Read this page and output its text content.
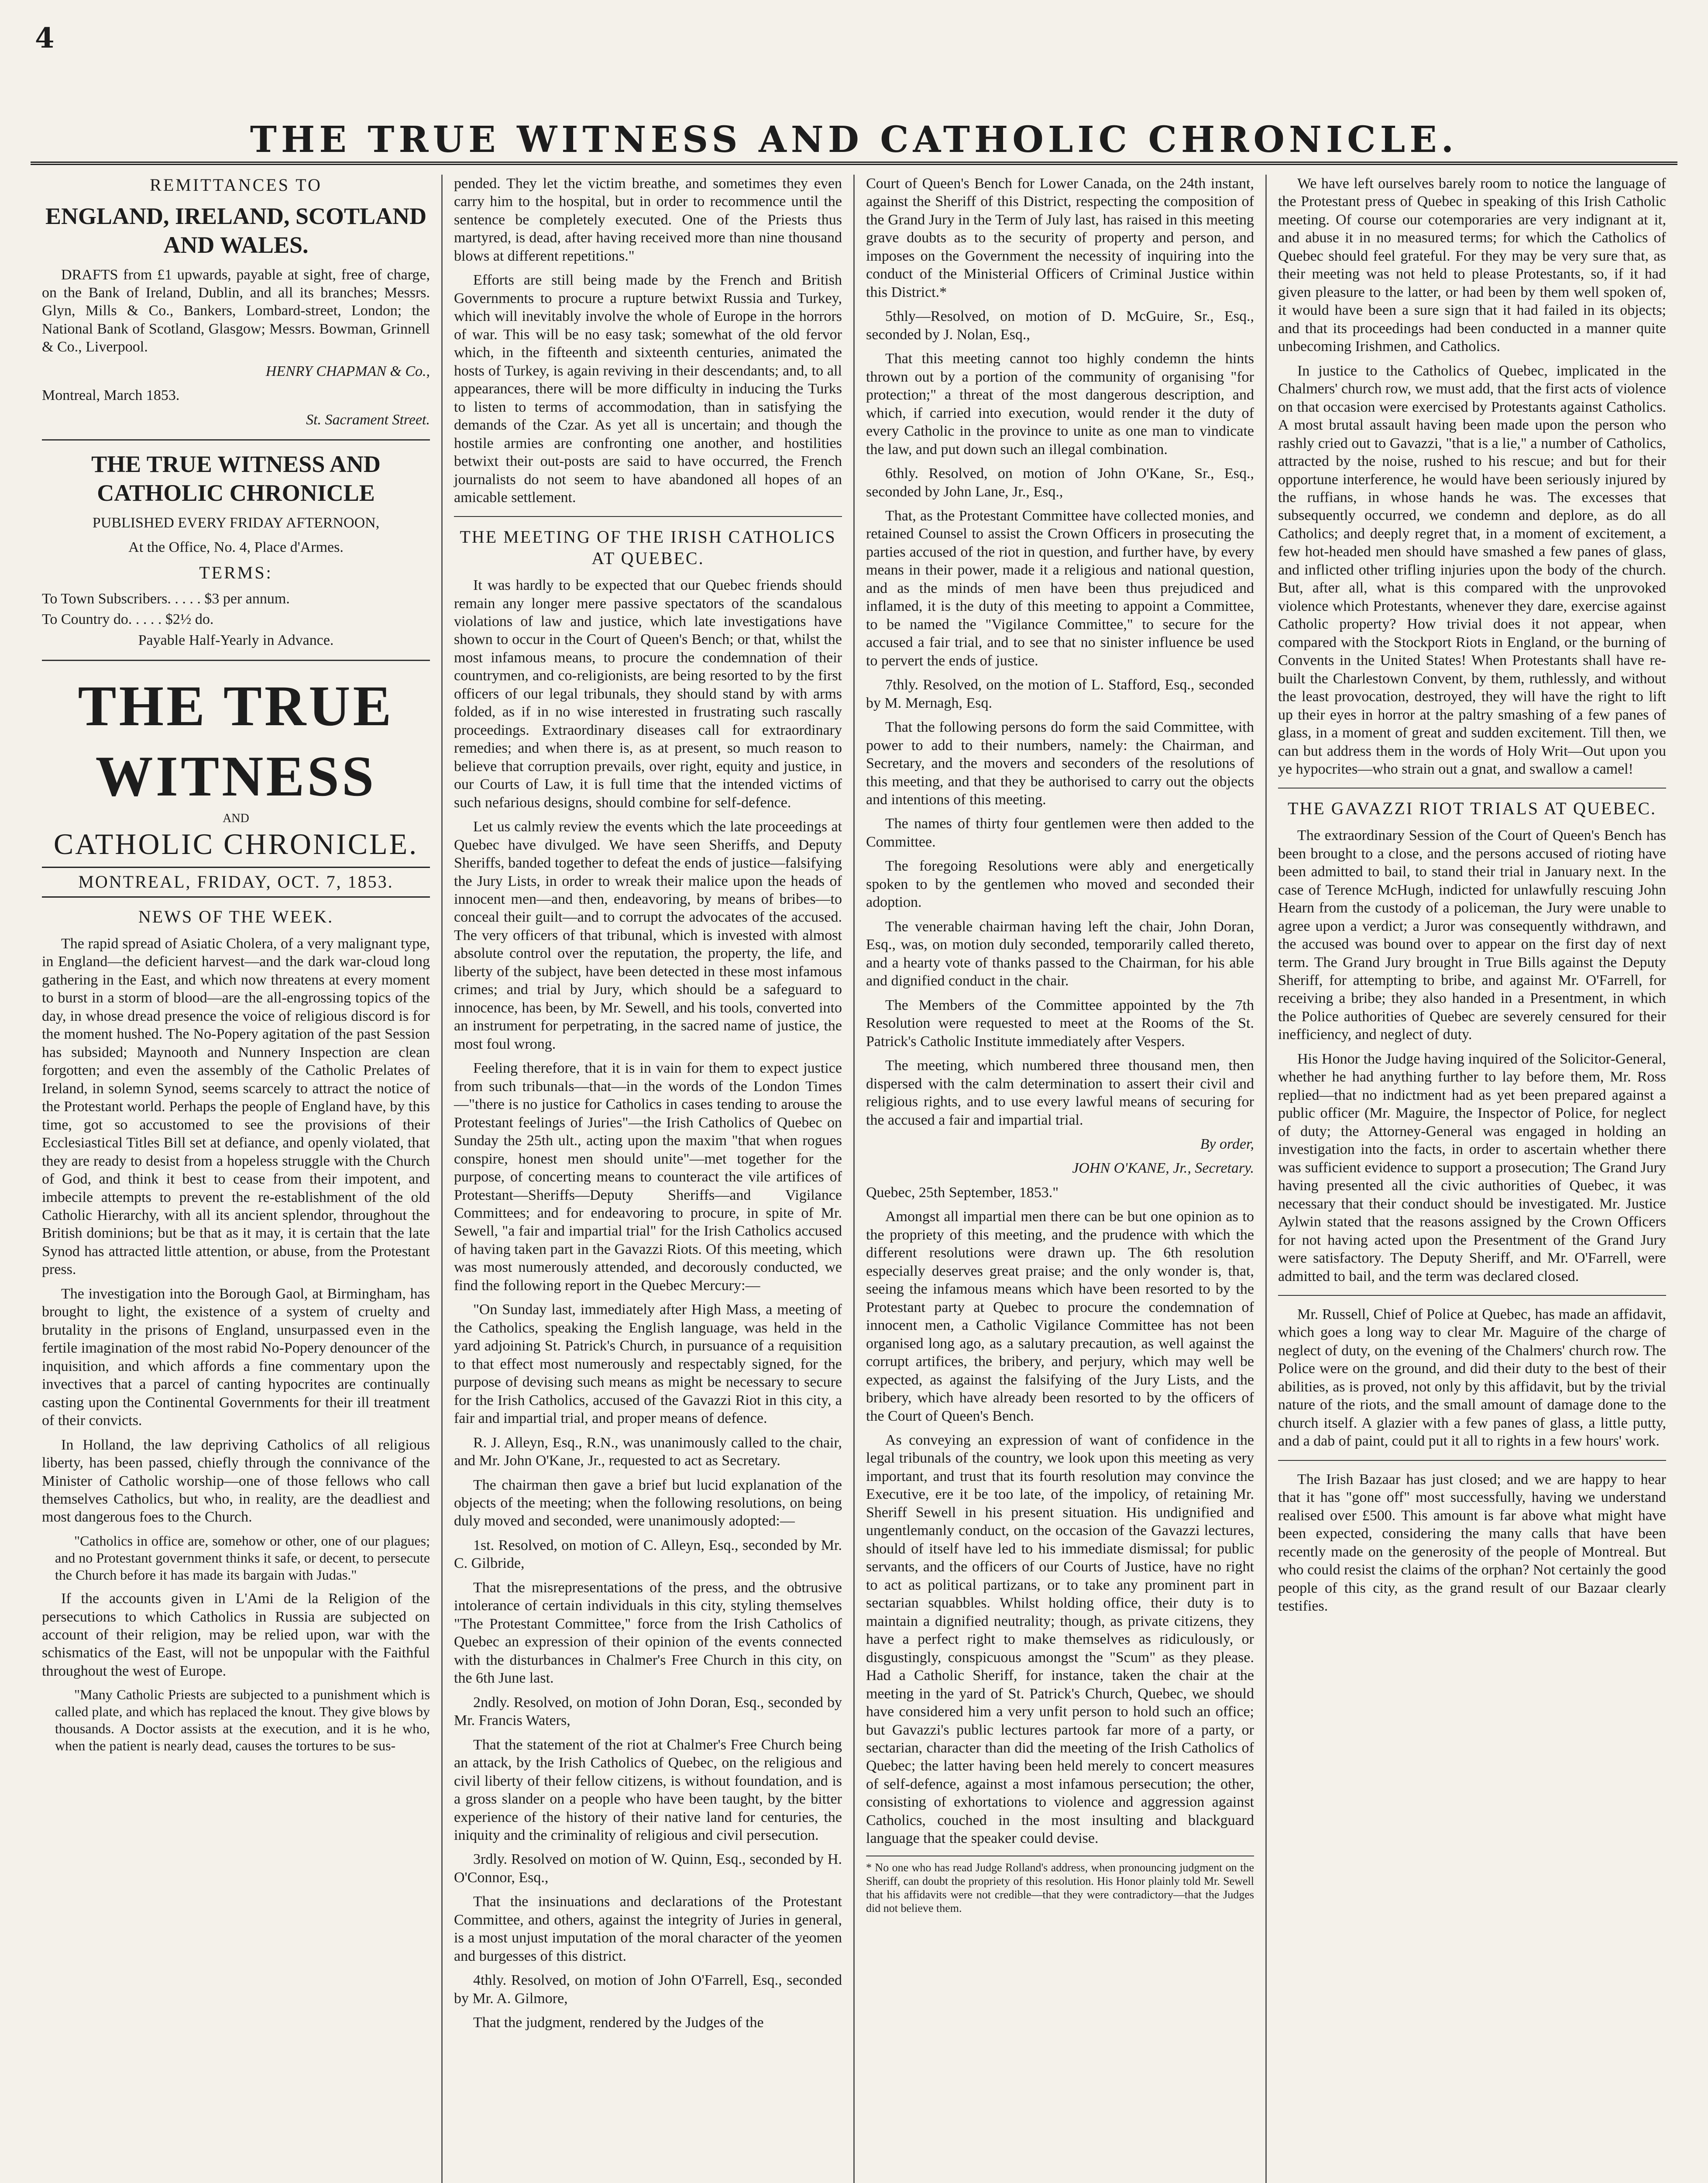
4
THE TRUE WITNESS AND CATHOLIC CHRONICLE.

REMITTANCES TO

ENGLAND, IRELAND, SCOTLAND AND WALES.

DRAFTS from £1 upwards, payable at sight, free of charge, on the Bank of Ireland, Dublin, and all its branches; Messrs. Glyn, Mills & Co., Bankers, Lombard-street, London; the National Bank of Scotland, Glasgow; Messrs. Bowman, Grinnell & Co., Liverpool.

HENRY CHAPMAN & Co.,

Montreal, March 1853.

St. Sacrament Street.

THE TRUE WITNESS AND CATHOLIC CHRONICLE

PUBLISHED EVERY FRIDAY AFTERNOON,

At the Office, No. 4, Place d'Armes.

TERMS:

To Town Subscribers. . . . . $3 per annum.

To Country do. . . . . $2½ do.

Payable Half-Yearly in Advance.

THE TRUE WITNESS
AND
CATHOLIC CHRONICLE.
MONTREAL, FRIDAY, OCT. 7, 1853.
NEWS OF THE WEEK.

The rapid spread of Asiatic Cholera, of a very malignant type, in England—the deficient harvest—and the dark war-cloud long gathering in the East, and which now threatens at every moment to burst in a storm of blood—are the all-engrossing topics of the day, in whose dread presence the voice of religious discord is for the moment hushed. The No-Popery agitation of the past Session has subsided; Maynooth and Nunnery Inspection are clean forgotten; and even the assembly of the Catholic Prelates of Ireland, in solemn Synod, seems scarcely to attract the notice of the Protestant world. Perhaps the people of England have, by this time, got so accustomed to see the provisions of their Ecclesiastical Titles Bill set at defiance, and openly violated, that they are ready to desist from a hopeless struggle with the Church of God, and think it best to cease from their impotent, and imbecile attempts to prevent the re-establishment of the old Catholic Hierarchy, with all its ancient splendor, throughout the British dominions; but be that as it may, it is certain that the late Synod has attracted little attention, or abuse, from the Protestant press.

The investigation into the Borough Gaol, at Birmingham, has brought to light, the existence of a system of cruelty and brutality in the prisons of England, unsurpassed even in the fertile imagination of the most rabid No-Popery denouncer of the inquisition, and which affords a fine commentary upon the invectives that a parcel of canting hypocrites are continually casting upon the Continental Governments for their ill treatment of their convicts.

In Holland, the law depriving Catholics of all religious liberty, has been passed, chiefly through the connivance of the Minister of Catholic worship—one of those fellows who call themselves Catholics, but who, in reality, are the deadliest and most dangerous foes to the Church.

"Catholics in office are, somehow or other, one of our plagues; and no Protestant government thinks it safe, or decent, to persecute the Church before it has made its bargain with Judas."

If the accounts given in L'Ami de la Religion of the persecutions to which Catholics in Russia are subjected on account of their religion, may be relied upon, war with the schismatics of the East, will not be unpopular with the Faithful throughout the west of Europe.

"Many Catholic Priests are subjected to a punishment which is called plate, and which has replaced the knout. They give blows by thousands. A Doctor assists at the execution, and it is he who, when the patient is nearly dead, causes the tortures to be sus-

pended. They let the victim breathe, and sometimes they even carry him to the hospital, but in order to recommence until the sentence be completely executed. One of the Priests thus martyred, is dead, after having received more than nine thousand blows at different repetitions."

Efforts are still being made by the French and British Governments to procure a rupture betwixt Russia and Turkey, which will inevitably involve the whole of Europe in the horrors of war. This will be no easy task; somewhat of the old fervor which, in the fifteenth and sixteenth centuries, animated the hosts of Turkey, is again reviving in their descendants; and, to all appearances, there will be more difficulty in inducing the Turks to listen to terms of accommodation, than in satisfying the demands of the Czar. As yet all is uncertain; and though the hostile armies are confronting one another, and hostilities betwixt their out-posts are said to have occurred, the French journalists do not seem to have abandoned all hopes of an amicable settlement.

THE MEETING OF THE IRISH CATHOLICS AT QUEBEC.

It was hardly to be expected that our Quebec friends should remain any longer mere passive spectators of the scandalous violations of law and justice, which late investigations have shown to occur in the Court of Queen's Bench; or that, whilst the most infamous means, to procure the condemnation of their countrymen, and co-religionists, are being resorted to by the first officers of our legal tribunals, they should stand by with arms folded, as if in no wise interested in frustrating such rascally proceedings. Extraordinary diseases call for extraordinary remedies; and when there is, as at present, so much reason to believe that corruption prevails, over right, equity and justice, in our Courts of Law, it is full time that the intended victims of such nefarious designs, should combine for self-defence.

Let us calmly review the events which the late proceedings at Quebec have divulged. We have seen Sheriffs, and Deputy Sheriffs, banded together to defeat the ends of justice—falsifying the Jury Lists, in order to wreak their malice upon the heads of innocent men—and then, endeavoring, by means of bribes—to conceal their guilt—and to corrupt the advocates of the accused. The very officers of that tribunal, which is invested with almost absolute control over the reputation, the property, the life, and liberty of the subject, have been detected in these most infamous crimes; and trial by Jury, which should be a safeguard to innocence, has been, by Mr. Sewell, and his tools, converted into an instrument for perpetrating, in the sacred name of justice, the most foul wrong.

Feeling therefore, that it is in vain for them to expect justice from such tribunals—that—in the words of the London Times—"there is no justice for Catholics in cases tending to arouse the Protestant feelings of Juries"—the Irish Catholics of Quebec on Sunday the 25th ult., acting upon the maxim "that when rogues conspire, honest men should unite"—met together for the purpose, of concerting means to counteract the vile artifices of Protestant—Sheriffs—Deputy Sheriffs—and Vigilance Committees; and for endeavoring to procure, in spite of Mr. Sewell, "a fair and impartial trial" for the Irish Catholics accused of having taken part in the Gavazzi Riots. Of this meeting, which was most numerously attended, and decorously conducted, we find the following report in the Quebec Mercury:—

"On Sunday last, immediately after High Mass, a meeting of the Catholics, speaking the English language, was held in the yard adjoining St. Patrick's Church, in pursuance of a requisition to that effect most numerously and respectably signed, for the purpose of devising such means as might be necessary to secure for the Irish Catholics, accused of the Gavazzi Riot in this city, a fair and impartial trial, and proper means of defence.

R. J. Alleyn, Esq., R.N., was unanimously called to the chair, and Mr. John O'Kane, Jr., requested to act as Secretary.

The chairman then gave a brief but lucid explanation of the objects of the meeting; when the following resolutions, on being duly moved and seconded, were unanimously adopted:—

1st. Resolved, on motion of C. Alleyn, Esq., seconded by Mr. C. Gilbride,

That the misrepresentations of the press, and the obtrusive intolerance of certain individuals in this city, styling themselves "The Protestant Committee," force from the Irish Catholics of Quebec an expression of their opinion of the events connected with the disturbances in Chalmer's Free Church in this city, on the 6th June last.

2ndly. Resolved, on motion of John Doran, Esq., seconded by Mr. Francis Waters,

That the statement of the riot at Chalmer's Free Church being an attack, by the Irish Catholics of Quebec, on the religious and civil liberty of their fellow citizens, is without foundation, and is a gross slander on a people who have been taught, by the bitter experience of the history of their native land for centuries, the iniquity and the criminality of religious and civil persecution.

3rdly. Resolved on motion of W. Quinn, Esq., seconded by H. O'Connor, Esq.,

That the insinuations and declarations of the Protestant Committee, and others, against the integrity of Juries in general, is a most unjust imputation of the moral character of the yeomen and burgesses of this district.

4thly. Resolved, on motion of John O'Farrell, Esq., seconded by Mr. A. Gilmore,

That the judgment, rendered by the Judges of the

Court of Queen's Bench for Lower Canada, on the 24th instant, against the Sheriff of this District, respecting the composition of the Grand Jury in the Term of July last, has raised in this meeting grave doubts as to the security of property and person, and imposes on the Government the necessity of inquiring into the conduct of the Ministerial Officers of Criminal Justice within this District.*

5thly—Resolved, on motion of D. McGuire, Sr., Esq., seconded by J. Nolan, Esq.,

That this meeting cannot too highly condemn the hints thrown out by a portion of the community of organising "for protection;" a threat of the most dangerous description, and which, if carried into execution, would render it the duty of every Catholic in the province to unite as one man to vindicate the law, and put down such an illegal combination.

6thly. Resolved, on motion of John O'Kane, Sr., Esq., seconded by John Lane, Jr., Esq.,

That, as the Protestant Committee have collected monies, and retained Counsel to assist the Crown Officers in prosecuting the parties accused of the riot in question, and further have, by every means in their power, made it a religious and national question, and as the minds of men have been thus prejudiced and inflamed, it is the duty of this meeting to appoint a Committee, to be named the "Vigilance Committee," to secure for the accused a fair trial, and to see that no sinister influence be used to pervert the ends of justice.

7thly. Resolved, on the motion of L. Stafford, Esq., seconded by M. Mernagh, Esq.

That the following persons do form the said Committee, with power to add to their numbers, namely: the Chairman, and Secretary, and the movers and seconders of the resolutions of this meeting, and that they be authorised to carry out the objects and intentions of this meeting.

The names of thirty four gentlemen were then added to the Committee.

The foregoing Resolutions were ably and energetically spoken to by the gentlemen who moved and seconded their adoption.

The venerable chairman having left the chair, John Doran, Esq., was, on motion duly seconded, temporarily called thereto, and a hearty vote of thanks passed to the Chairman, for his able and dignified conduct in the chair.

The Members of the Committee appointed by the 7th Resolution were requested to meet at the Rooms of the St. Patrick's Catholic Institute immediately after Vespers.

The meeting, which numbered three thousand men, then dispersed with the calm determination to assert their civil and religious rights, and to use every lawful means of securing for the accused a fair and impartial trial.

By order,

JOHN O'KANE, Jr., Secretary.

Quebec, 25th September, 1853."

Amongst all impartial men there can be but one opinion as to the propriety of this meeting, and the prudence with which the different resolutions were drawn up. The 6th resolution especially deserves great praise; and the only wonder is, that, seeing the infamous means which have been resorted to by the Protestant party at Quebec to procure the condemnation of innocent men, a Catholic Vigilance Committee has not been organised long ago, as a salutary precaution, as well against the corrupt artifices, the bribery, and perjury, which may well be expected, as against the falsifying of the Jury Lists, and the bribery, which have already been resorted to by the officers of the Court of Queen's Bench.

As conveying an expression of want of confidence in the legal tribunals of the country, we look upon this meeting as very important, and trust that its fourth resolution may convince the Executive, ere it be too late, of the impolicy, of retaining Mr. Sheriff Sewell in his present situation. His undignified and ungentlemanly conduct, on the occasion of the Gavazzi lectures, should of itself have led to his immediate dismissal; for public servants, and the officers of our Courts of Justice, have no right to act as political partizans, or to take any prominent part in sectarian squabbles. Whilst holding office, their duty is to maintain a dignified neutrality; though, as private citizens, they have a perfect right to make themselves as ridiculously, or disgustingly, conspicuous amongst the "Scum" as they please. Had a Catholic Sheriff, for instance, taken the chair at the meeting in the yard of St. Patrick's Church, Quebec, we should have considered him a very unfit person to hold such an office; but Gavazzi's public lectures partook far more of a party, or sectarian, character than did the meeting of the Irish Catholics of Quebec; the latter having been held merely to concert measures of self-defence, against a most infamous persecution; the other, consisting of exhortations to violence and aggression against Catholics, couched in the most insulting and blackguard language that the speaker could devise.

* No one who has read Judge Rolland's address, when pronouncing judgment on the Sheriff, can doubt the propriety of this resolution. His Honor plainly told Mr. Sewell that his affidavits were not credible—that they were contradictory—that the Judges did not believe them.

We have left ourselves barely room to notice the language of the Protestant press of Quebec in speaking of this Irish Catholic meeting. Of course our cotemporaries are very indignant at it, and abuse it in no measured terms; for which the Catholics of Quebec should feel grateful. For they may be very sure that, as their meeting was not held to please Protestants, so, if it had given pleasure to the latter, or had been by them well spoken of, it would have been a sure sign that it had failed in its objects; and that its proceedings had been conducted in a manner quite unbecoming Irishmen, and Catholics.

In justice to the Catholics of Quebec, implicated in the Chalmers' church row, we must add, that the first acts of violence on that occasion were exercised by Protestants against Catholics. A most brutal assault having been made upon the person who rashly cried out to Gavazzi, "that is a lie," a number of Catholics, attracted by the noise, rushed to his rescue; and but for their opportune interference, he would have been seriously injured by the ruffians, in whose hands he was. The excesses that subsequently occurred, we condemn and deplore, as do all Catholics; and deeply regret that, in a moment of excitement, a few hot-headed men should have smashed a few panes of glass, and inflicted other trifling injuries upon the body of the church. But, after all, what is this compared with the unprovoked violence which Protestants, whenever they dare, exercise against Catholic property? How trivial does it not appear, when compared with the Stockport Riots in England, or the burning of Convents in the United States! When Protestants shall have re-built the Charlestown Convent, by them, ruthlessly, and without the least provocation, destroyed, they will have the right to lift up their eyes in horror at the paltry smashing of a few panes of glass, in a moment of great and sudden excitement. Till then, we can but address them in the words of Holy Writ—Out upon you ye hypocrites—who strain out a gnat, and swallow a camel!

THE GAVAZZI RIOT TRIALS AT QUEBEC.

The extraordinary Session of the Court of Queen's Bench has been brought to a close, and the persons accused of rioting have been admitted to bail, to stand their trial in January next. In the case of Terence McHugh, indicted for unlawfully rescuing John Hearn from the custody of a policeman, the Jury were unable to agree upon a verdict; a Juror was consequently withdrawn, and the accused was bound over to appear on the first day of next term. The Grand Jury brought in True Bills against the Deputy Sheriff, for attempting to bribe, and against Mr. O'Farrell, for receiving a bribe; they also handed in a Presentment, in which the Police authorities of Quebec are severely censured for their inefficiency, and neglect of duty.

His Honor the Judge having inquired of the Solicitor-General, whether he had anything further to lay before them, Mr. Ross replied—that no indictment had as yet been prepared against a public officer (Mr. Maguire, the Inspector of Police, for neglect of duty; the Attorney-General was engaged in holding an investigation into the facts, in order to ascertain whether there was sufficient evidence to support a prosecution; The Grand Jury having presented all the civic authorities of Quebec, it was necessary that their conduct should be investigated. Mr. Justice Aylwin stated that the reasons assigned by the Crown Officers for not having acted upon the Presentment of the Grand Jury were satisfactory. The Deputy Sheriff, and Mr. O'Farrell, were admitted to bail, and the term was declared closed.

Mr. Russell, Chief of Police at Quebec, has made an affidavit, which goes a long way to clear Mr. Maguire of the charge of neglect of duty, on the evening of the Chalmers' church row. The Police were on the ground, and did their duty to the best of their abilities, as is proved, not only by this affidavit, but by the trivial nature of the riots, and the small amount of damage done to the church itself. A glazier with a few panes of glass, a little putty, and a dab of paint, could put it all to rights in a few hours' work.

The Irish Bazaar has just closed; and we are happy to hear that it has "gone off" most successfully, having we understand realised over £500. This amount is far above what might have been expected, considering the many calls that have been recently made on the generosity of the people of Montreal. But who could resist the claims of the orphan? Not certainly the good people of this city, as the grand result of our Bazaar clearly testifies.
